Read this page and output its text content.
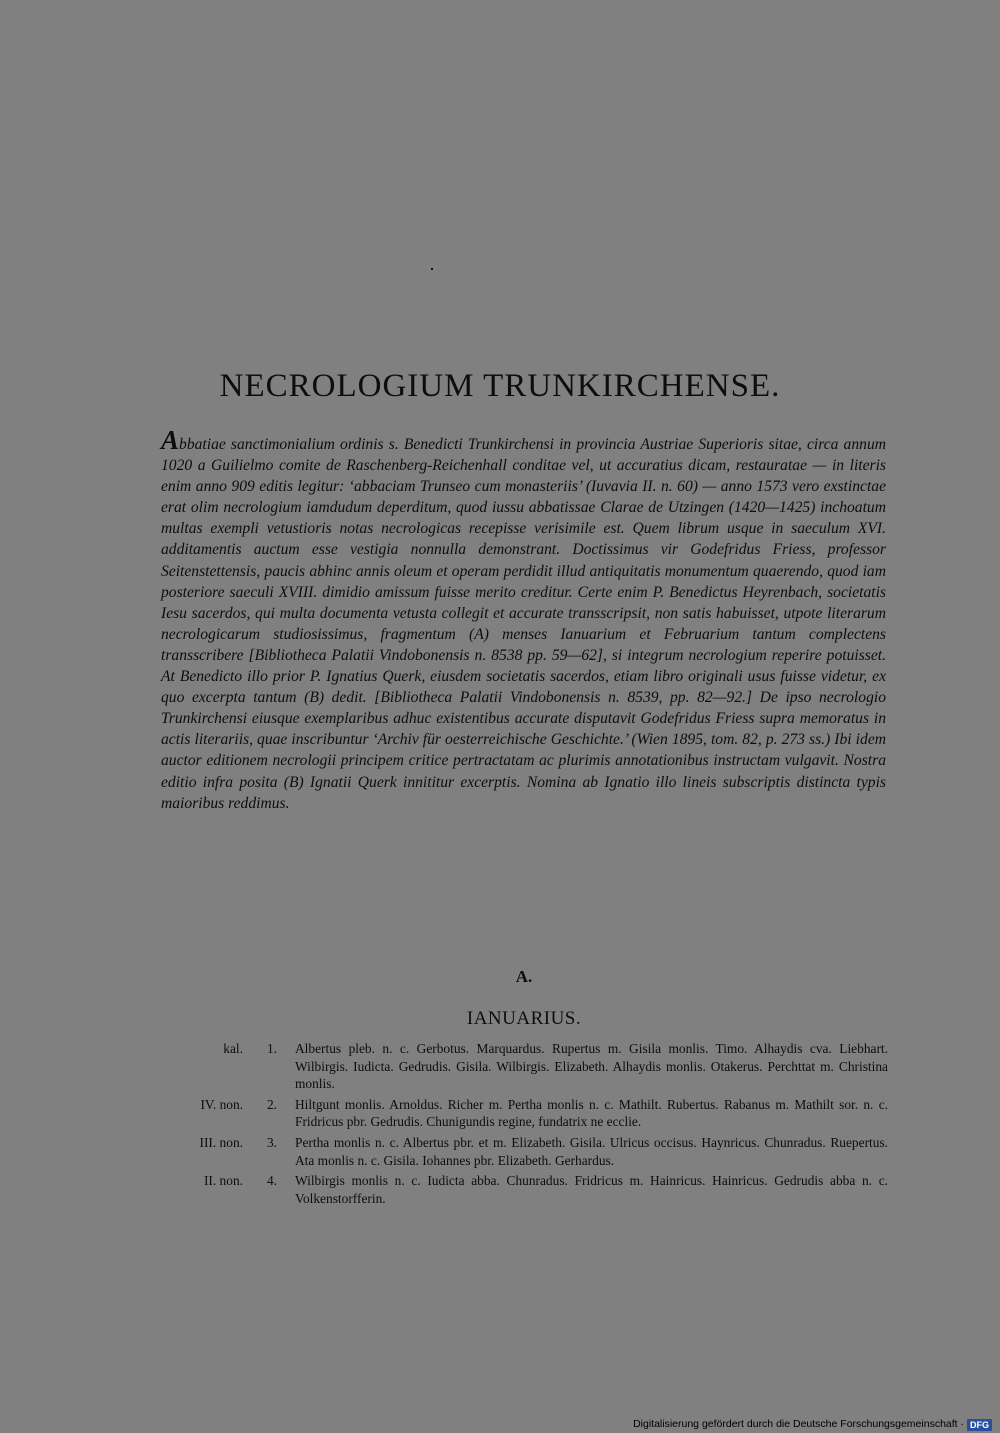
NECROLOGIUM TRUNKIRCHENSE.

Abbatiae sanctimonialium ordinis s. Benedicti Trunkirchensi in provincia Austriae Superioris sitae, circa annum 1020 a Guilielmo comite de Raschenberg-Reichenhall conditae vel, ut accuratius dicam, restauratae — in literis enim anno 909 editis legitur: ‘abbaciam Trunseo cum monasteriis’ (Iuvavia II. n. 60) — anno 1573 vero exstinctae erat olim necrologium iamdudum deperditum, quod iussu abbatissae Clarae de Utzingen (1420—1425) inchoatum multas exempli vetustioris notas necrologicas recepisse verisimile est. Quem librum usque in saeculum XVI. additamentis auctum esse vestigia nonnulla demonstrant. Doctissimus vir Godefridus Friess, professor Seitenstettensis, paucis abhinc annis oleum et operam perdidit illud antiquitatis monumentum quaerendo, quod iam posteriore saeculi XVIII. dimidio amissum fuisse merito creditur. Certe enim P. Benedictus Heyrenbach, societatis Iesu sacerdos, qui multa documenta vetusta collegit et accurate transscripsit, non satis habuisset, utpote literarum necrologicarum studiosissimus, fragmentum (A) menses Ianuarium et Februarium tantum complectens transscribere [Bibliotheca Palatii Vindobonensis n. 8538 pp. 59—62], si integrum necrologium reperire potuisset. At Benedicto illo prior P. Ignatius Querk, eiusdem societatis sacerdos, etiam libro originali usus fuisse videtur, ex quo excerpta tantum (B) dedit. [Bibliotheca Palatii Vindobonensis n. 8539, pp. 82—92.] De ipso necrologio Trunkirchensi eiusque exemplaribus adhuc existentibus accurate disputavit Godefridus Friess supra memoratus in actis literariis, quae inscribuntur ‘Archiv für oesterreichische Geschichte.’ (Wien 1895, tom. 82, p. 273 ss.) Ibi idem auctor editionem necrologii principem critice pertractatam ac plurimis annotationibus instructam vulgavit. Nostra editio infra posita (B) Ignatii Querk innititur excerptis. Nomina ab Ignatio illo lineis subscriptis distincta typis maioribus reddimus.

A.
IANUARIUS.
kal.	1.	Albertus pleb. n. c. Gerbotus. Marquardus. Rupertus m. Gisila monlis. Timo. Alhaydis cva. Liebhart. Wilbirgis. Iudicta. Gedrudis. Gisila. Wilbirgis. Elizabeth. Alhaydis monlis. Otakerus. Perchttat m. Christina monlis.
IV. non.	2.	Hiltgunt monlis. Arnoldus. Richer m. Pertha monlis n. c. Mathilt. Rubertus. Rabanus m. Mathilt sor. n. c. Fridricus pbr. Gedrudis. Chunigundis regine, fundatrix ne ecclie.
III. non.	3.	Pertha monlis n. c. Albertus pbr. et m. Elizabeth. Gisila. Ulricus occisus. Haynricus. Chunradus. Ruepertus. Ata monlis n. c. Gisila. Iohannes pbr. Elizabeth. Gerhardus.
II. non.	4.	Wilbirgis monlis n. c. Iudicta abba. Chunradus. Fridricus m. Hainricus. Hainricus. Gedrudis abba n. c. Volkenstorfferin.
Digitalisierung gefördert durch die Deutsche Forschungsgemeinschaft · DFG
